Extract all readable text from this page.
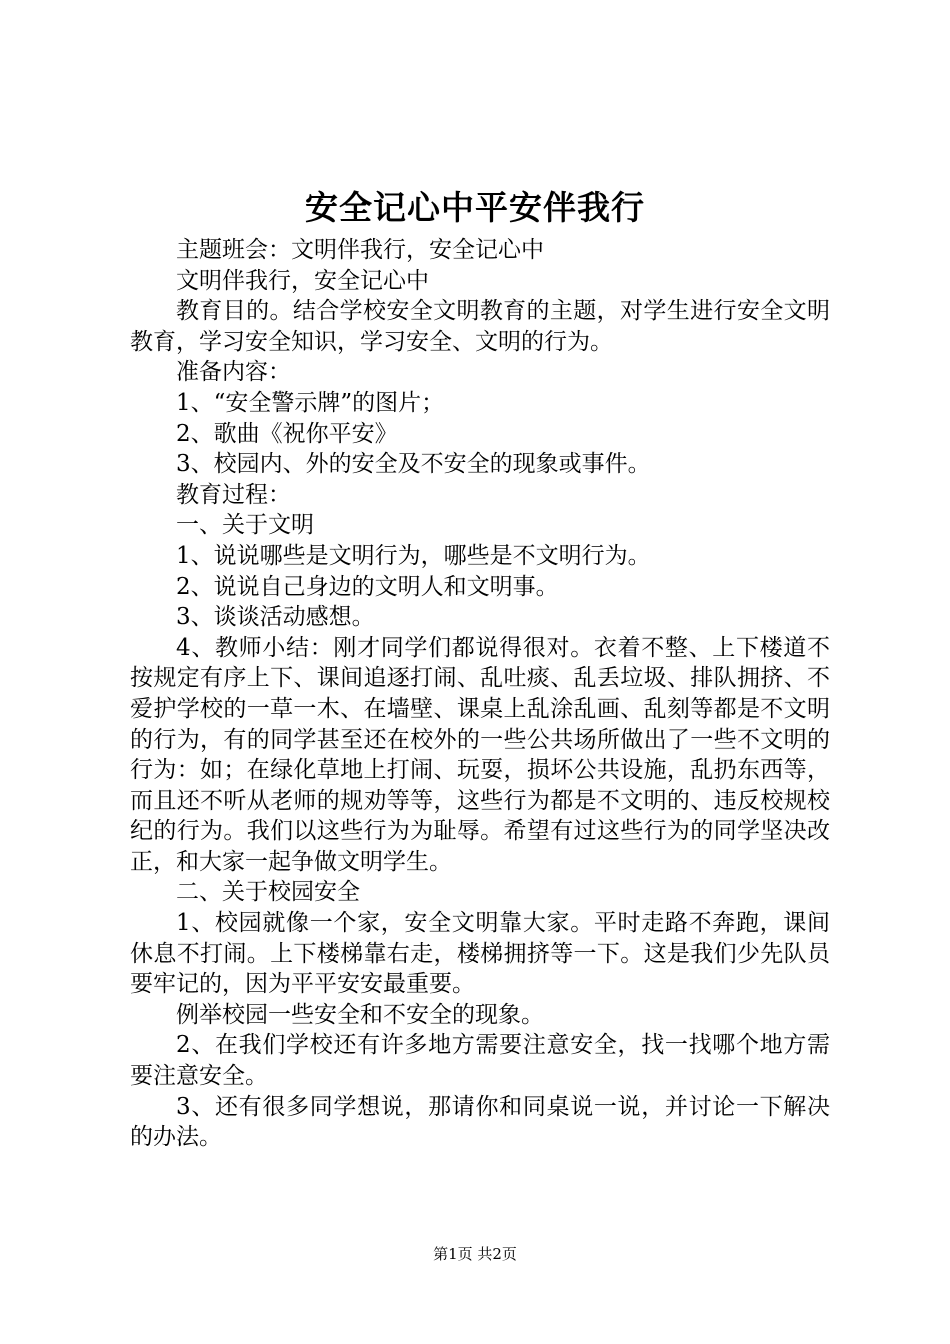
安全记心中平安伴我行

主题班会：文明伴我行，安全记心中

文明伴我行，安全记心中

教育目的。结合学校安全文明教育的主题，对学生进行安全文明教育，学习安全知识，学习安全、文明的行为。

准备内容：

1、“安全警示牌”的图片；

2、歌曲《祝你平安》

3、校园内、外的安全及不安全的现象或事件。

教育过程：

一、关于文明

1、说说哪些是文明行为，哪些是不文明行为。

2、说说自己身边的文明人和文明事。

3、谈谈活动感想。

4、教师小结：刚才同学们都说得很对。衣着不整、上下楼道不按规定有序上下、课间追逐打闹、乱吐痰、乱丢垃圾、排队拥挤、不爱护学校的一草一木、在墙壁、课桌上乱涂乱画、乱刻等都是不文明的行为，有的同学甚至还在校外的一些公共场所做出了一些不文明的行为：如；在绿化草地上打闹、玩耍，损坏公共设施，乱扔东西等，而且还不听从老师的规劝等等，这些行为都是不文明的、违反校规校纪的行为。我们以这些行为为耻辱。希望有过这些行为的同学坚决改正，和大家一起争做文明学生。

二、关于校园安全

1、校园就像一个家，安全文明靠大家。平时走路不奔跑，课间休息不打闹。上下楼梯靠右走，楼梯拥挤等一下。这是我们少先队员要牢记的，因为平平安安最重要。

例举校园一些安全和不安全的现象。

2、在我们学校还有许多地方需要注意安全，找一找哪个地方需要注意安全。

3、还有很多同学想说，那请你和同桌说一说，并讨论一下解决的办法。

第1页 共2页
